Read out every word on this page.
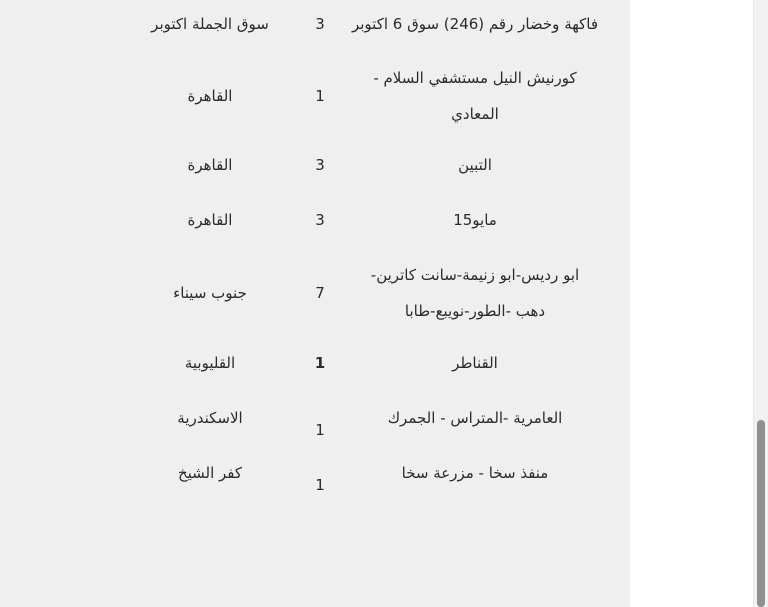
فاكهة وخضار رقم (246) سوق 6 اكتوبر
3
سوق الجملة اكتوبر
كورنيش النيل مستشفي السلام - المعادي
1
القاهرة
التبين
3
القاهرة
مايو15
3
القاهرة
ابو رديس-ابو زنيمة-سانت كاترين-دهب -الطور-نويبع-طابا
7
جنوب سيناء
القناطر
1
القليوبية
العامرية -المتراس - الجمرك
1
الاسكندرية
منفذ سخا - مزرعة سخا
1
كفر الشيخ
